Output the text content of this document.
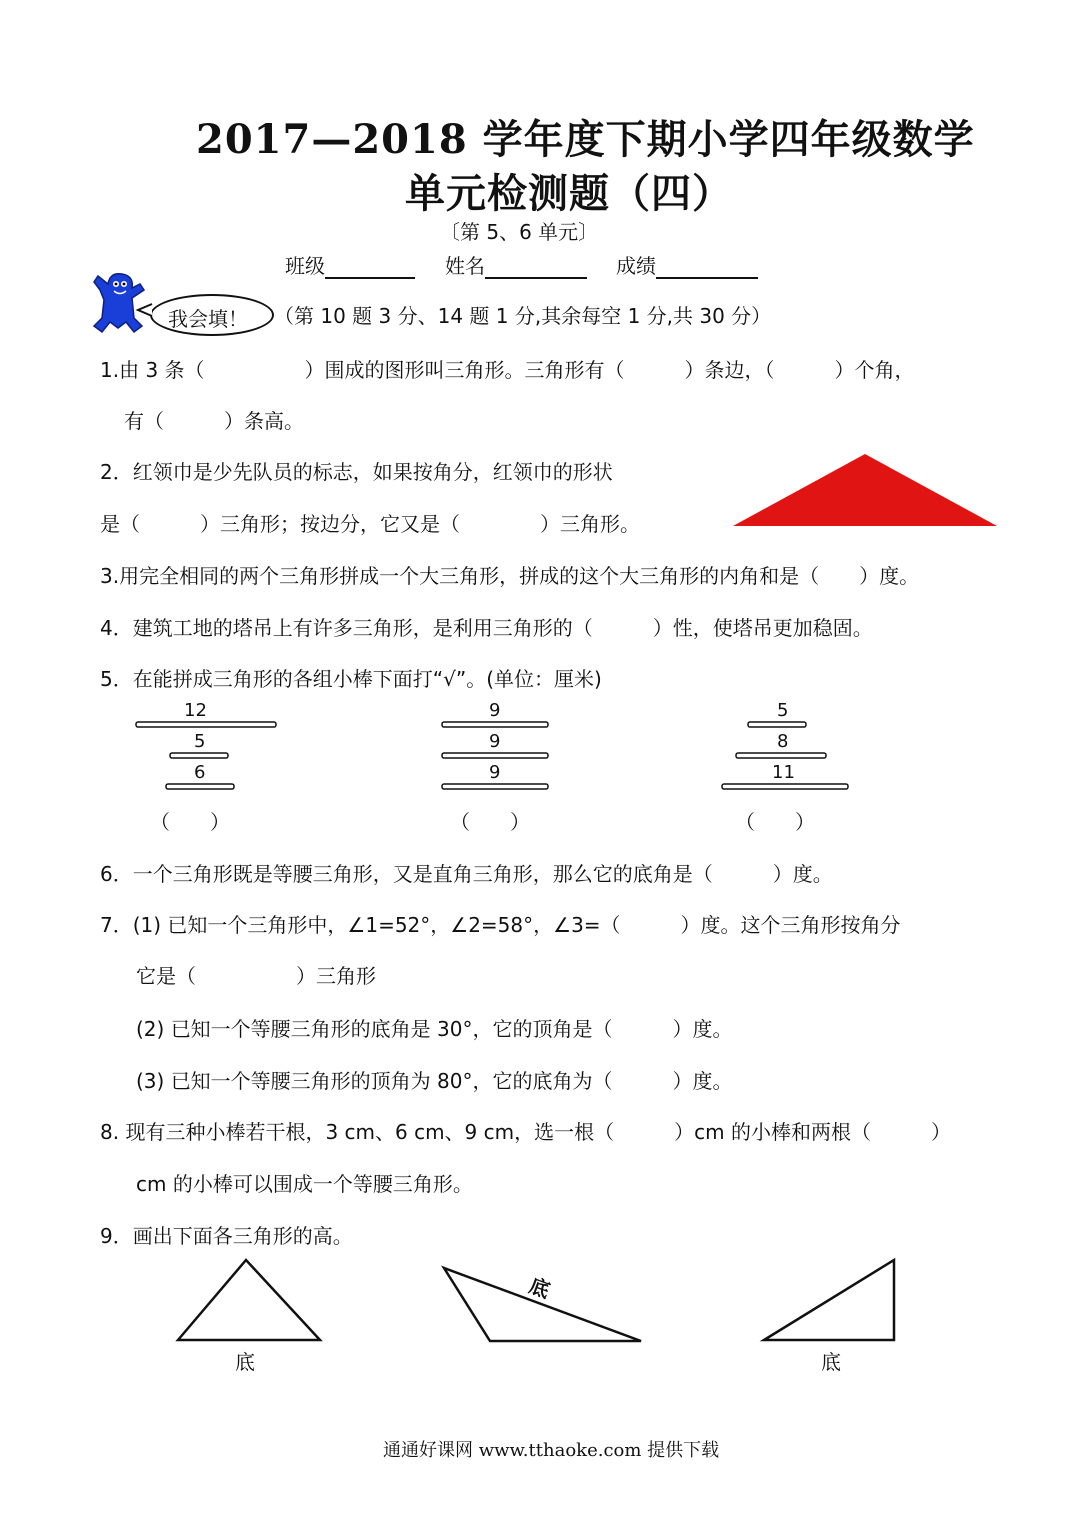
2017—2018 学年度下期小学四年级数学
单元检测题（四）
〔第 5、6 单元〕
班级	姓名	成绩
我会填！ （第 10 题 3 分、14 题 1 分,其余每空 1 分,共 30 分）
1.由 3 条（　　　　　）围成的图形叫三角形。三角形有（　　　）条边，（　　　）个角，
有（　　　）条高。
2．红领巾是少先队员的标志，如果按角分，红领巾的形状
是（　　　）三角形；按边分，它又是（　　　　）三角形。
3.用完全相同的两个三角形拼成一个大三角形，拼成的这个大三角形的内角和是（　　）度。
4．建筑工地的塔吊上有许多三角形，是利用三角形的（　　　）性，使塔吊更加稳固。
5．在能拼成三角形的各组小棒下面打“√”。(单位：厘米)
12
5
6
（　　）
9
9
9
（　　）
5
8
11
（　　）
6．一个三角形既是等腰三角形，又是直角三角形，那么它的底角是（　　　）度。
7．(1) 已知一个三角形中，∠1=52°，∠2=58°，∠3=（　　　）度。这个三角形按角分
它是（　　　　　）三角形
(2) 已知一个等腰三角形的底角是 30°，它的顶角是（　　　）度。
(3) 已知一个等腰三角形的顶角为 80°，它的底角为（　　　）度。
8. 现有三种小棒若干根，3 cm、6 cm、9 cm，选一根（　　　）cm 的小棒和两根（　　　）
cm 的小棒可以围成一个等腰三角形。
9．画出下面各三角形的高。
底
底
底
通通好课网 www.tthaoke.com 提供下载
